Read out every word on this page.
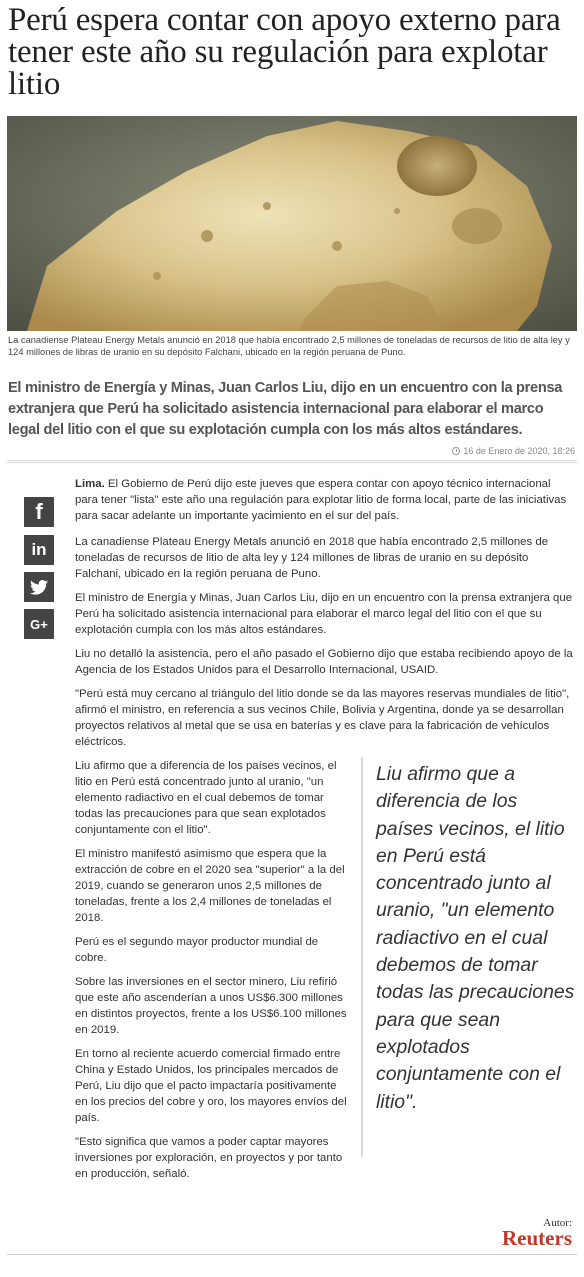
Perú espera contar con apoyo externo para tener este año su regulación para explotar litio

La canadiense Plateau Energy Metals anunció en 2018 que había encontrado 2,5 millones de toneladas de recursos de litio de alta ley y 124 millones de libras de uranio en su depósito Falchani, ubicado en la región peruana de Puno.

El ministro de Energía y Minas, Juan Carlos Liu, dijo en un encuentro con la prensa extranjera que Perú ha solicitado asistencia internacional para elaborar el marco legal del litio con el que su explotación cumpla con los más altos estándares.

16 de Enero de 2020, 18:26
f
in
G+

Lima. El Gobierno de Perú dijo este jueves que espera contar con apoyo técnico internacional para tener "lista" este año una regulación para explotar litio de forma local, parte de las iniciativas para sacar adelante un importante yacimiento en el sur del país.

La canadiense Plateau Energy Metals anunció en 2018 que había encontrado 2,5 millones de toneladas de recursos de litio de alta ley y 124 millones de libras de uranio en su depósito Falchani, ubicado en la región peruana de Puno.

El ministro de Energía y Minas, Juan Carlos Liu, dijo en un encuentro con la prensa extranjera que Perú ha solicitado asistencia internacional para elaborar el marco legal del litio con el que su explotación cumpla con los más altos estándares.

Liu no detalló la asistencia, pero el año pasado el Gobierno dijo que estaba recibiendo apoyo de la Agencia de los Estados Unidos para el Desarrollo Internacional, USAID.

"Perú está muy cercano al triángulo del litio donde se da las mayores reservas mundiales de litio", afirmó el ministro, en referencia a sus vecinos Chile, Bolivia y Argentina, donde ya se desarrollan proyectos relativos al metal que se usa en baterías y es clave para la fabricación de vehículos eléctricos.

Liu afirmo que a diferencia de los países vecinos, el litio en Perú está concentrado junto al uranio, "un elemento radiactivo en el cual debemos de tomar todas las precauciones para que sean explotados conjuntamente con el litio".

El ministro manifestó asimismo que espera que la extracción de cobre en el 2020 sea "superior" a la del 2019, cuando se generaron unos 2,5 millones de toneladas, frente a los 2,4 millones de toneladas el 2018.

Perú es el segundo mayor productor mundial de cobre.

Sobre las inversiones en el sector minero, Liu refirió que este año ascenderían a unos US$6.300 millones en distintos proyectos, frente a los US$6.100 millones en 2019.

En torno al reciente acuerdo comercial firmado entre China y Estado Unidos, los principales mercados de Perú, Liu dijo que el pacto impactaría positivamente en los precios del cobre y oro, los mayores envíos del país.

"Esto significa que vamos a poder captar mayores inversiones por exploración, en proyectos y por tanto en producción, señaló.

Liu afirmo que a diferencia de los países vecinos, el litio en Perú está concentrado junto al uranio, "un elemento radiactivo en el cual debemos de tomar todas las precauciones para que sean explotados conjuntamente con el litio".

Autor:
Reuters
